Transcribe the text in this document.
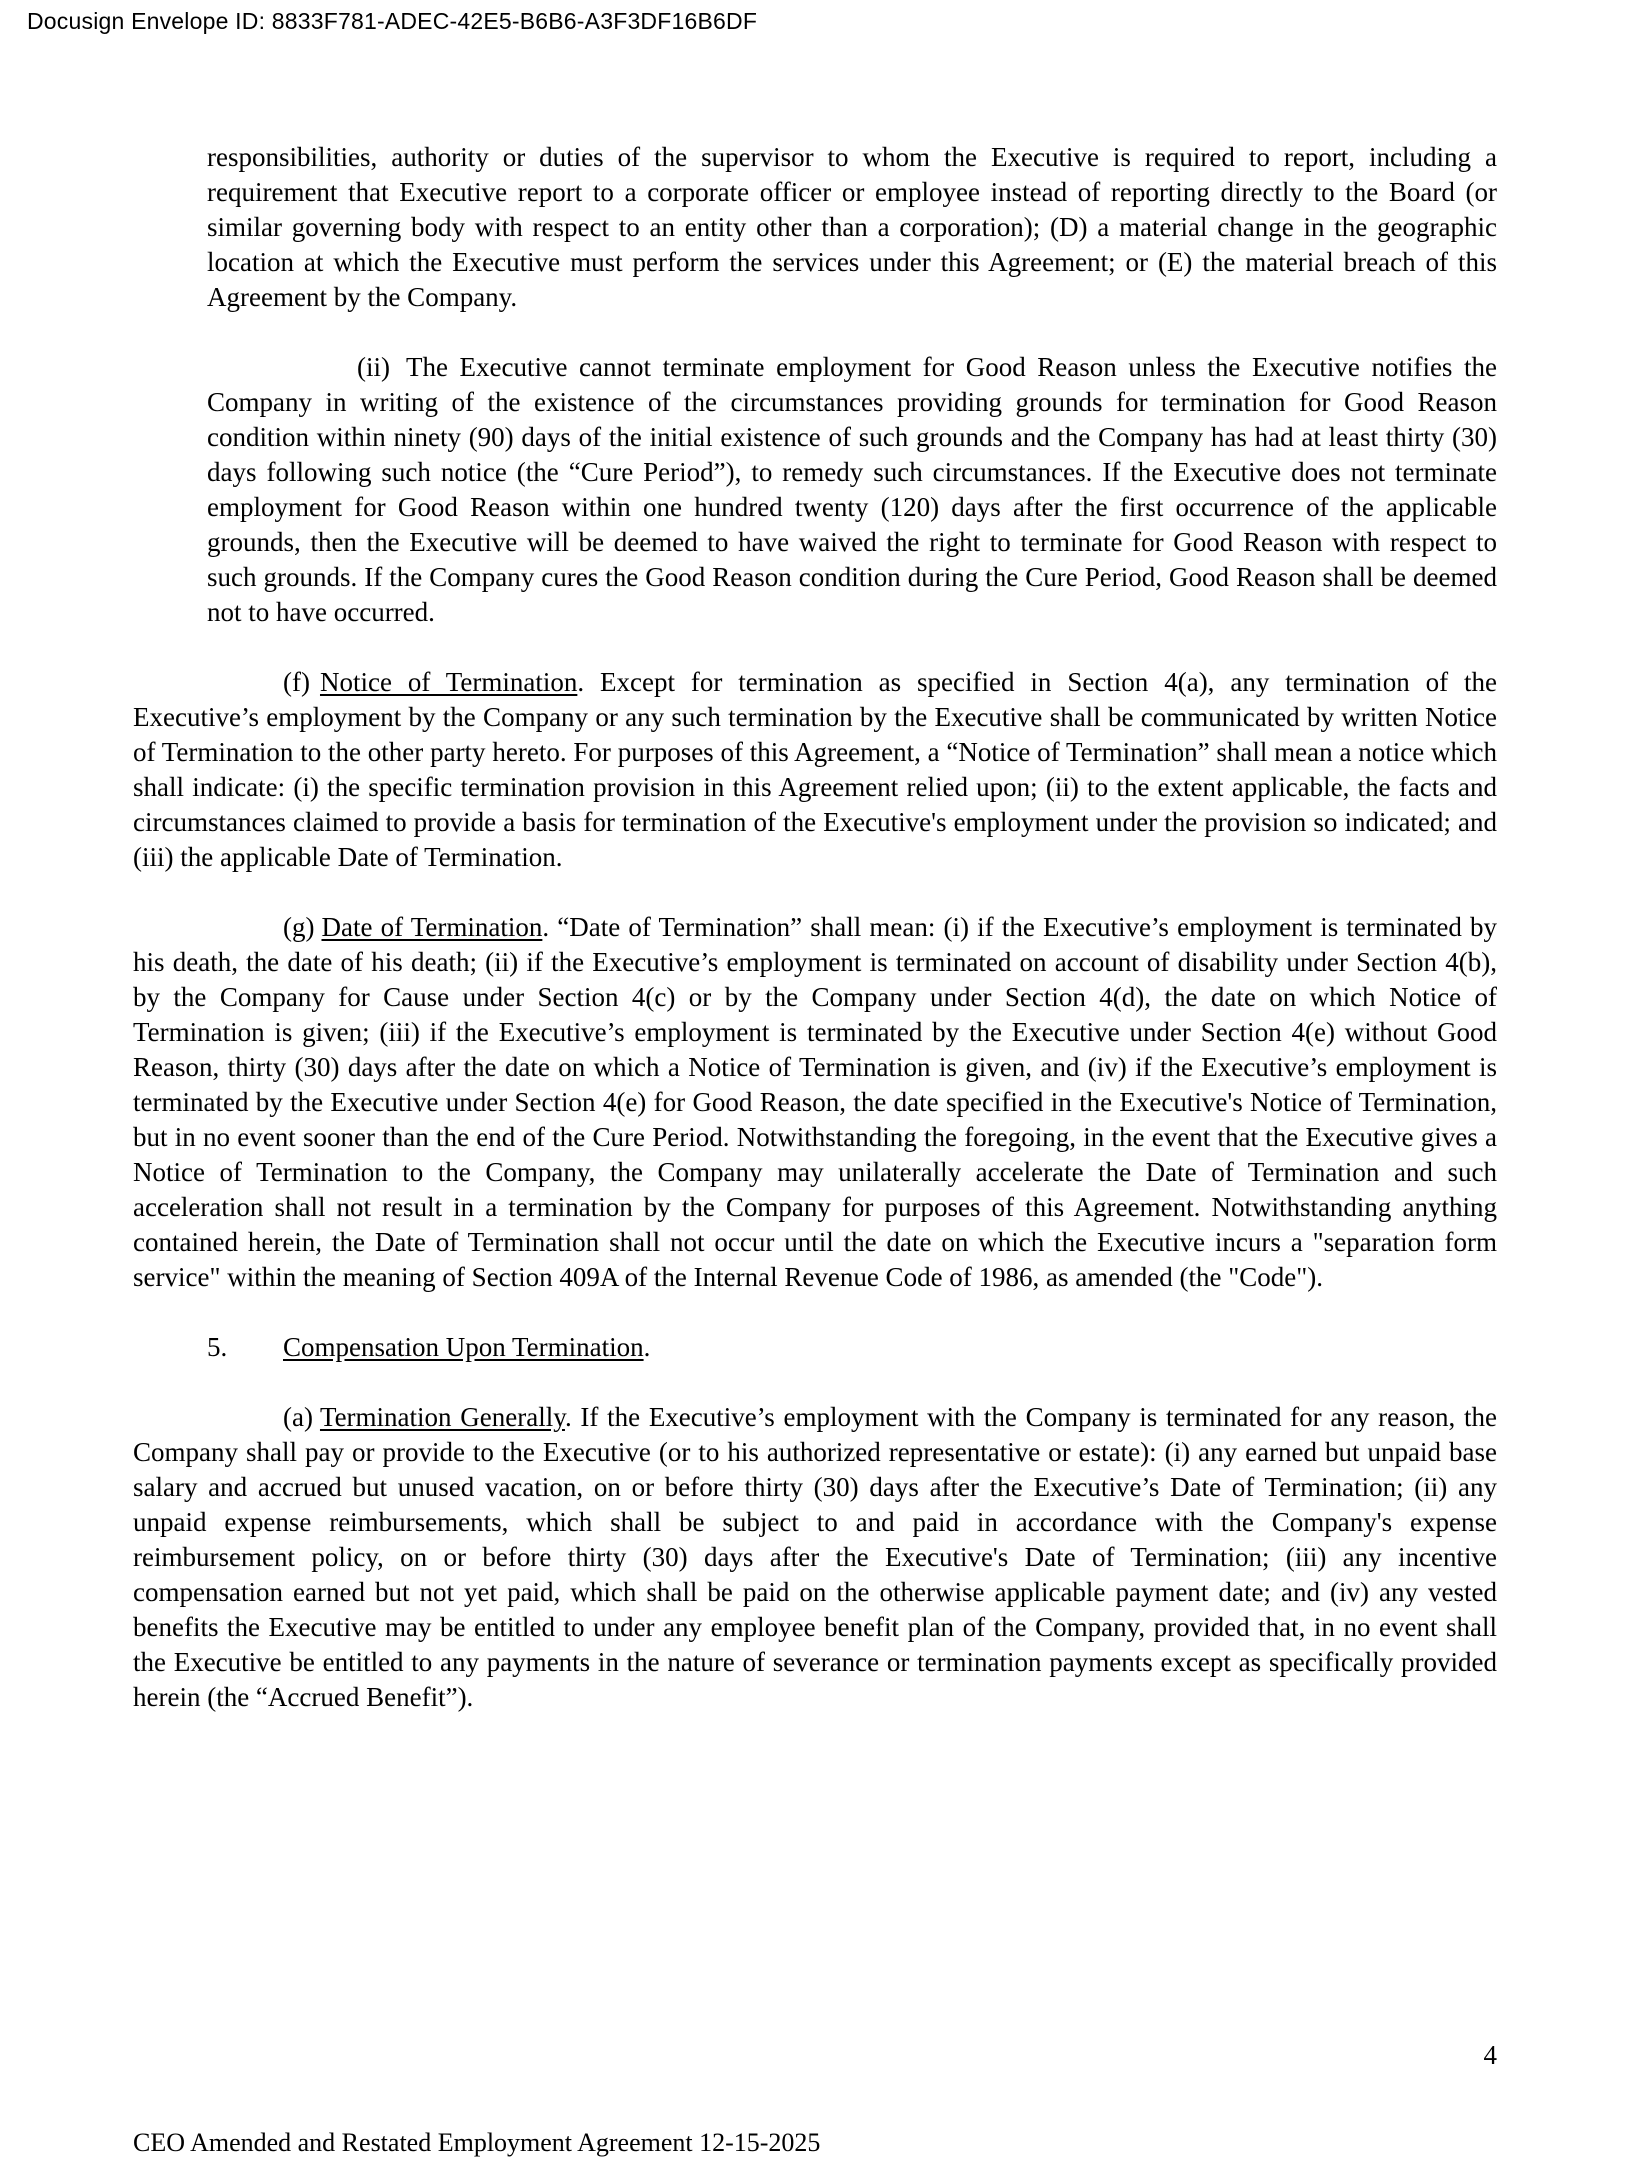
Docusign Envelope ID: 8833F781-ADEC-42E5-B6B6-A3F3DF16B6DF

responsibilities, authority or duties of the supervisor to whom the Executive is required to report, including a requirement that Executive report to a corporate officer or employee instead of reporting directly to the Board (or similar governing body with respect to an entity other than a corporation); (D) a material change in the geographic location at which the Executive must perform the services under this Agreement; or (E) the material breach of this Agreement by the Company.

(ii) The Executive cannot terminate employment for Good Reason unless the Executive notifies the Company in writing of the existence of the circumstances providing grounds for termination for Good Reason condition within ninety (90) days of the initial existence of such grounds and the Company has had at least thirty (30) days following such notice (the “Cure Period”), to remedy such circumstances. If the Executive does not terminate employment for Good Reason within one hundred twenty (120) days after the first occurrence of the applicable grounds, then the Executive will be deemed to have waived the right to terminate for Good Reason with respect to such grounds. If the Company cures the Good Reason condition during the Cure Period, Good Reason shall be deemed not to have occurred.

(f) Notice of Termination. Except for termination as specified in Section 4(a), any termination of the Executive’s employment by the Company or any such termination by the Executive shall be communicated by written Notice of Termination to the other party hereto. For purposes of this Agreement, a “Notice of Termination” shall mean a notice which shall indicate: (i) the specific termination provision in this Agreement relied upon; (ii) to the extent applicable, the facts and circumstances claimed to provide a basis for termination of the Executive's employment under the provision so indicated; and (iii) the applicable Date of Termination.

(g) Date of Termination. “Date of Termination” shall mean: (i) if the Executive’s employment is terminated by his death, the date of his death; (ii) if the Executive’s employment is terminated on account of disability under Section 4(b), by the Company for Cause under Section 4(c) or by the Company under Section 4(d), the date on which Notice of Termination is given; (iii) if the Executive’s employment is terminated by the Executive under Section 4(e) without Good Reason, thirty (30) days after the date on which a Notice of Termination is given, and (iv) if the Executive’s employment is terminated by the Executive under Section 4(e) for Good Reason, the date specified in the Executive's Notice of Termination, but in no event sooner than the end of the Cure Period. Notwithstanding the foregoing, in the event that the Executive gives a Notice of Termination to the Company, the Company may unilaterally accelerate the Date of Termination and such acceleration shall not result in a termination by the Company for purposes of this Agreement. Notwithstanding anything contained herein, the Date of Termination shall not occur until the date on which the Executive incurs a "separation form service" within the meaning of Section 409A of the Internal Revenue Code of 1986, as amended (the "Code").

5. Compensation Upon Termination.

(a) Termination Generally. If the Executive’s employment with the Company is terminated for any reason, the Company shall pay or provide to the Executive (or to his authorized representative or estate): (i) any earned but unpaid base salary and accrued but unused vacation, on or before thirty (30) days after the Executive’s Date of Termination; (ii) any unpaid expense reimbursements, which shall be subject to and paid in accordance with the Company's expense reimbursement policy, on or before thirty (30) days after the Executive's Date of Termination; (iii) any incentive compensation earned but not yet paid, which shall be paid on the otherwise applicable payment date; and (iv) any vested benefits the Executive may be entitled to under any employee benefit plan of the Company, provided that, in no event shall the Executive be entitled to any payments in the nature of severance or termination payments except as specifically provided herein (the “Accrued Benefit”).

4
CEO Amended and Restated Employment Agreement 12-15-2025
